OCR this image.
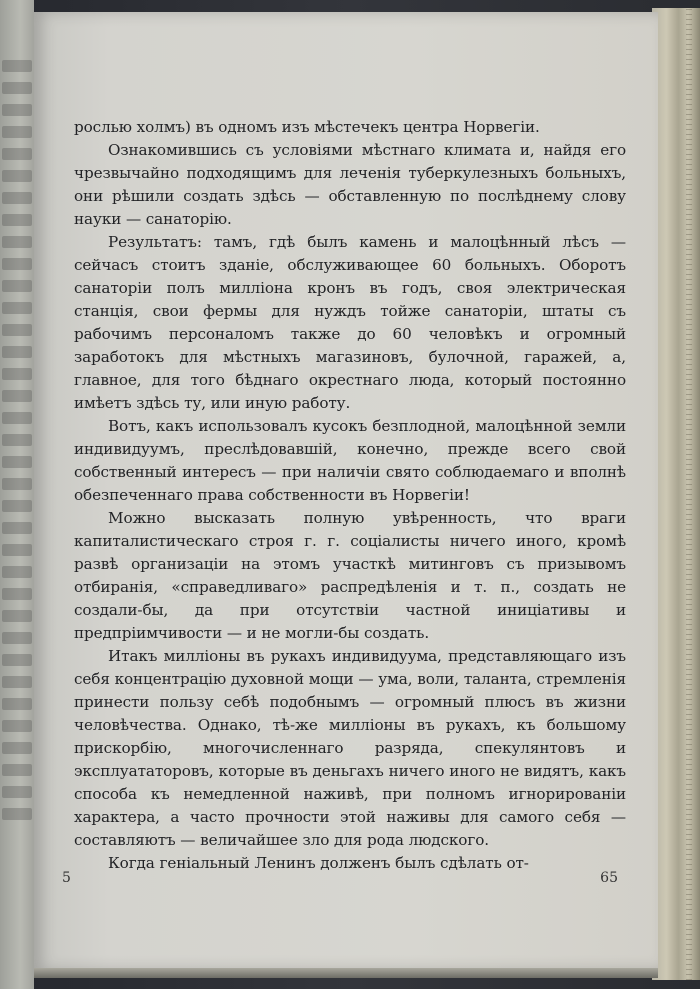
рослью холмъ) въ одномъ изъ мѣстечекъ центра Норвегіи.

Ознакомившись съ условіями мѣстнаго климата и, найдя его чрезвычайно подходящимъ для леченія туберкулезныхъ больныхъ, они рѣшили создать здѣсь — обставленную по послѣднему слову науки — санаторію.

Результатъ: тамъ, гдѣ былъ камень и малоцѣнный лѣсъ — сейчасъ стоитъ зданіе, обслуживающее 60 больныхъ. Оборотъ санаторіи полъ милліона кронъ въ годъ, своя электрическая станція, свои фермы для нуждъ тойже санаторіи, штаты съ рабочимъ персоналомъ также до 60 человѣкъ и огромный заработокъ для мѣстныхъ магазиновъ, булочной, гаражей, а, главное, для того бѣднаго окрестнаго люда, который постоянно имѣетъ здѣсь ту, или иную работу.

Вотъ, какъ использовалъ кусокъ безплодной, малоцѣнной земли индивидуумъ, преслѣдовавшій, конечно, прежде всего свой собственный интересъ — при наличіи свято соблюдаемаго и вполнѣ обезпеченнаго права собственности въ Норвегіи!

Можно высказать полную увѣренность, что враги капиталистическаго строя г. г. соціалисты ничего иного, кромѣ развѣ организаціи на этомъ участкѣ митинговъ съ призывомъ отбиранія, «справедливаго» распредѣленія и т. п., создать не создали-бы, да при отсутствіи частной иниціативы и предпріимчивости — и не могли-бы создать.

Итакъ милліоны въ рукахъ индивидуума, представляющаго изъ себя концентрацію духовной мощи — ума, воли, таланта, стремленія принести пользу себѣ подобнымъ — огромный плюсъ въ жизни человѣчества. Однако, тѣ-же милліоны въ рукахъ, къ большому прискорбію, многочисленнаго разряда, спекулянтовъ и эксплуататоровъ, которые въ деньгахъ ничего иного не видятъ, какъ способа къ немедленной наживѣ, при полномъ игнорированіи характера, а часто прочности этой наживы для самого себя — составляютъ — величайшее зло для рода людского.

Когда геніальный Ленинъ долженъ былъ сдѣлать от-

5	65
